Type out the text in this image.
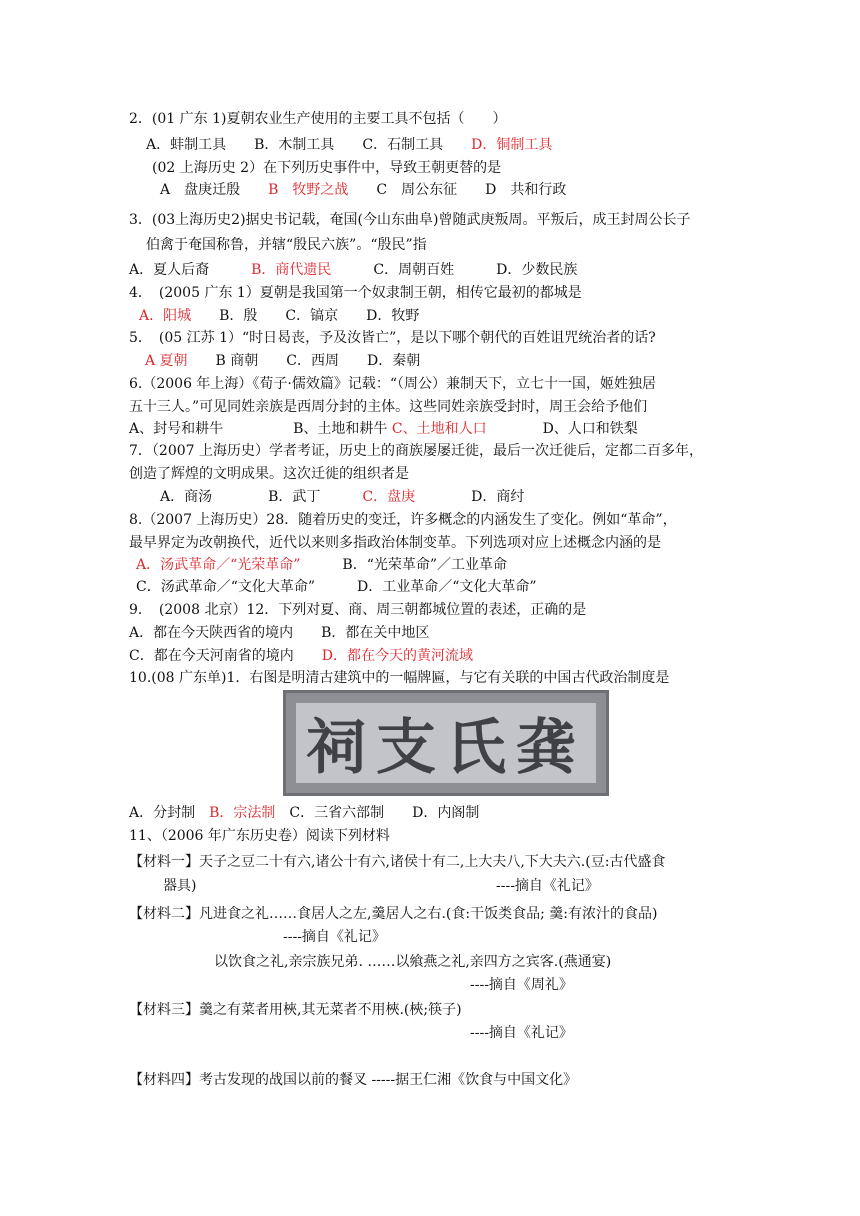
2．(01 广东 1)夏朝农业生产使用的主要工具不包括（　　）
A．蚌制工具　　B．木制工具　　C．石制工具　　D．铜制工具
(02 上海历史 2）在下列历史事件中，导致王朝更替的是
A　盘庚迁殷　　B　牧野之战　　C　周公东征　　D　共和行政
3．(03上海历史2)据史书记载，奄国(今山东曲阜)曾随武庚叛周。平叛后，成王封周公长子
伯禽于奄国称鲁，并辖“殷民六族”。“殷民”指
A．夏人后裔　　　B．商代遗民　　　C．周朝百姓　　　D．少数民族
4．　(2005 广东 1）夏朝是我国第一个奴隶制王朝，相传它最初的都城是
A．阳城　　B．殷　　C．镐京　　D．牧野
5．　(05 江苏 1）“时日曷丧，予及汝皆亡”，是以下哪个朝代的百姓诅咒统治者的话?
A 夏朝　　B 商朝　　C．西周　　D．秦朝
6.（2006 年上海）《荀子·儒效篇》记载：“（周公）兼制天下，立七十一国，姬姓独居
五十三人。”可见同姓亲族是西周分封的主体。这些同姓亲族受封时，周王会给予他们
A、封号和耕牛　　　　　B、土地和耕牛 C、土地和人口　　　　D、人口和铁梨
7．（2007 上海历史）学者考证，历史上的商族屡屡迁徙，最后一次迁徙后，定都二百多年，
创造了辉煌的文明成果。这次迁徙的组织者是
A．商汤　　　　B．武丁　　　C．盘庚　　　　D．商纣
8.（2007 上海历史）28．随着历史的变迁，许多概念的内涵发生了变化。例如“革命”，
最早界定为改朝换代，近代以来则多指政治体制变革。下列选项对应上述概念内涵的是
A．汤武革命／“光荣革命”　　　B．“光荣革命”／工业革命
C．汤武革命／“文化大革命”　　　D．工业革命／“文化大革命”
9．　(2008 北京）12．下列对夏、商、周三朝都城位置的表述，正确的是
A．都在今天陕西省的境内　　B．都在关中地区
C．都在今天河南省的境内　　D．都在今天的黄河流域
10.(08 广东单)1．右图是明清古建筑中的一幅牌匾，与它有关联的中国古代政治制度是
祠支氏龚
A．分封制　B．宗法制　C．三省六部制　　D．内阁制
11、（2006 年广东历史卷）阅读下列材料
【材料一】天子之豆二十有六,诸公十有六,诸侯十有二,上大夫八,下大夫六.(豆:古代盛食
器具)	----摘自《礼记》
【材料二】凡进食之礼……食居人之左,羹居人之右.(食:干饭类食品; 羹:有浓汁的食品)
----摘自《礼记》
以饮食之礼,亲宗族兄弟. ……以飨燕之礼,亲四方之宾客.(燕通宴)
----摘自《周礼》
【材料三】羹之有菜者用梜,其无菜者不用梜.(梜;筷子)
----摘自《礼记》
【材料四】考古发现的战国以前的餐叉 -----据王仁湘《饮食与中国文化》
